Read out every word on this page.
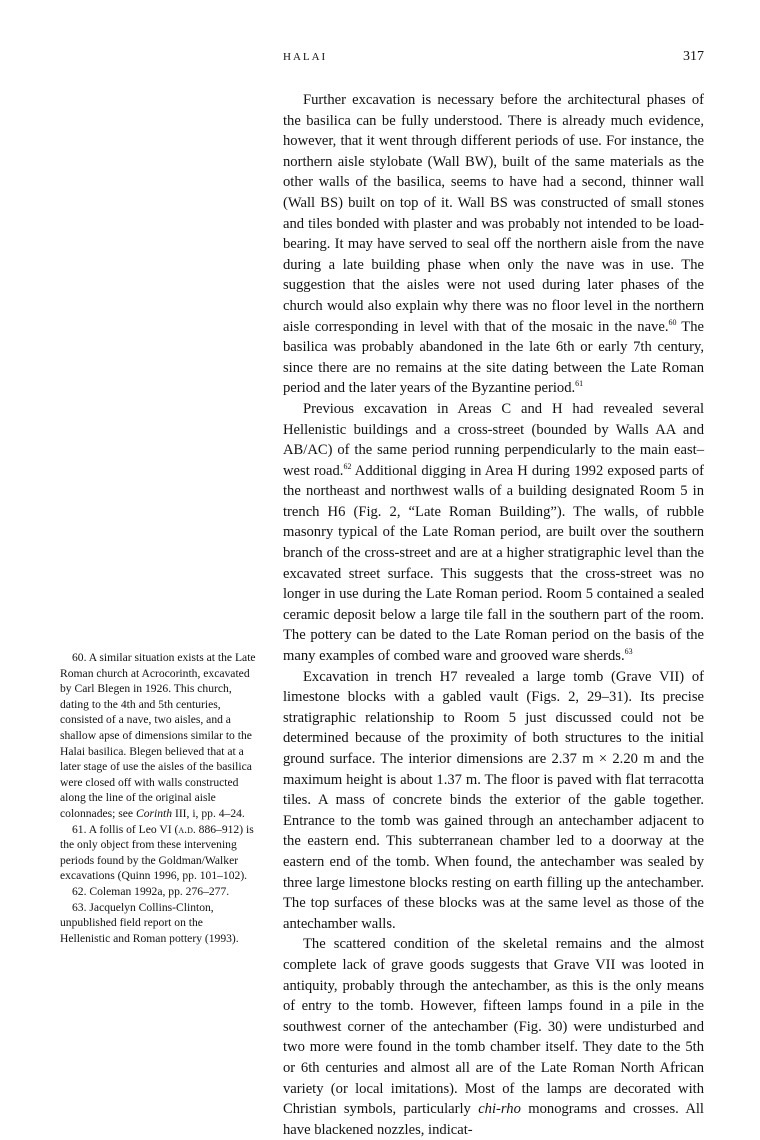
HALAI	317

Further excavation is necessary before the architectural phases of the basilica can be fully understood. There is already much evidence, however, that it went through different periods of use. For instance, the northern aisle stylobate (Wall BW), built of the same materials as the other walls of the basilica, seems to have had a second, thinner wall (Wall BS) built on top of it. Wall BS was constructed of small stones and tiles bonded with plaster and was probably not intended to be load-bearing. It may have served to seal off the northern aisle from the nave during a late building phase when only the nave was in use. The suggestion that the aisles were not used during later phases of the church would also explain why there was no floor level in the northern aisle corresponding in level with that of the mosaic in the nave.$^{60}$ The basilica was probably abandoned in the late 6th or early 7th century, since there are no remains at the site dating between the Late Roman period and the later years of the Byzantine period.$^{61}$

Previous excavation in Areas C and H had revealed several Hellenistic buildings and a cross-street (bounded by Walls AA and AB/AC) of the same period running perpendicularly to the main east–west road.$^{62}$ Additional digging in Area H during 1992 exposed parts of the northeast and northwest walls of a building designated Room 5 in trench H6 (Fig. 2, “Late Roman Building”). The walls, of rubble masonry typical of the Late Roman period, are built over the southern branch of the cross-street and are at a higher stratigraphic level than the excavated street surface. This suggests that the cross-street was no longer in use during the Late Roman period. Room 5 contained a sealed ceramic deposit below a large tile fall in the southern part of the room. The pottery can be dated to the Late Roman period on the basis of the many examples of combed ware and grooved ware sherds.$^{63}$

Excavation in trench H7 revealed a large tomb (Grave VII) of limestone blocks with a gabled vault (Figs. 2, 29–31). Its precise stratigraphic relationship to Room 5 just discussed could not be determined because of the proximity of both structures to the initial ground surface. The interior dimensions are 2.37 m × 2.20 m and the maximum height is about 1.37 m. The floor is paved with flat terracotta tiles. A mass of concrete binds the exterior of the gable together. Entrance to the tomb was gained through an antechamber adjacent to the eastern end. This subterranean chamber led to a doorway at the eastern end of the tomb. When found, the antechamber was sealed by three large limestone blocks resting on earth filling up the antechamber. The top surfaces of these blocks was at the same level as those of the antechamber walls.

The scattered condition of the skeletal remains and the almost complete lack of grave goods suggests that Grave VII was looted in antiquity, probably through the antechamber, as this is the only means of entry to the tomb. However, fifteen lamps found in a pile in the southwest corner of the antechamber (Fig. 30) were undisturbed and two more were found in the tomb chamber itself. They date to the 5th or 6th centuries and almost all are of the Late Roman North African variety (or local imitations). Most of the lamps are decorated with Christian symbols, particularly chi-rho monograms and crosses. All have blackened nozzles, indicat-

60. A similar situation exists at the Late Roman church at Acrocorinth, excavated by Carl Blegen in 1926. This church, dating to the 4th and 5th centuries, consisted of a nave, two aisles, and a shallow apse of dimensions similar to the Halai basilica. Blegen believed that at a later stage of use the aisles of the basilica were closed off with walls constructed along the line of the original aisle colonnades; see Corinth III, i, pp. 4–24.

61. A follis of Leo VI (a.d. 886–912) is the only object from these intervening periods found by the Goldman/Walker excavations (Quinn 1996, pp. 101–102).

62. Coleman 1992a, pp. 276–277.

63. Jacquelyn Collins-Clinton, unpublished field report on the Hellenistic and Roman pottery (1993).
